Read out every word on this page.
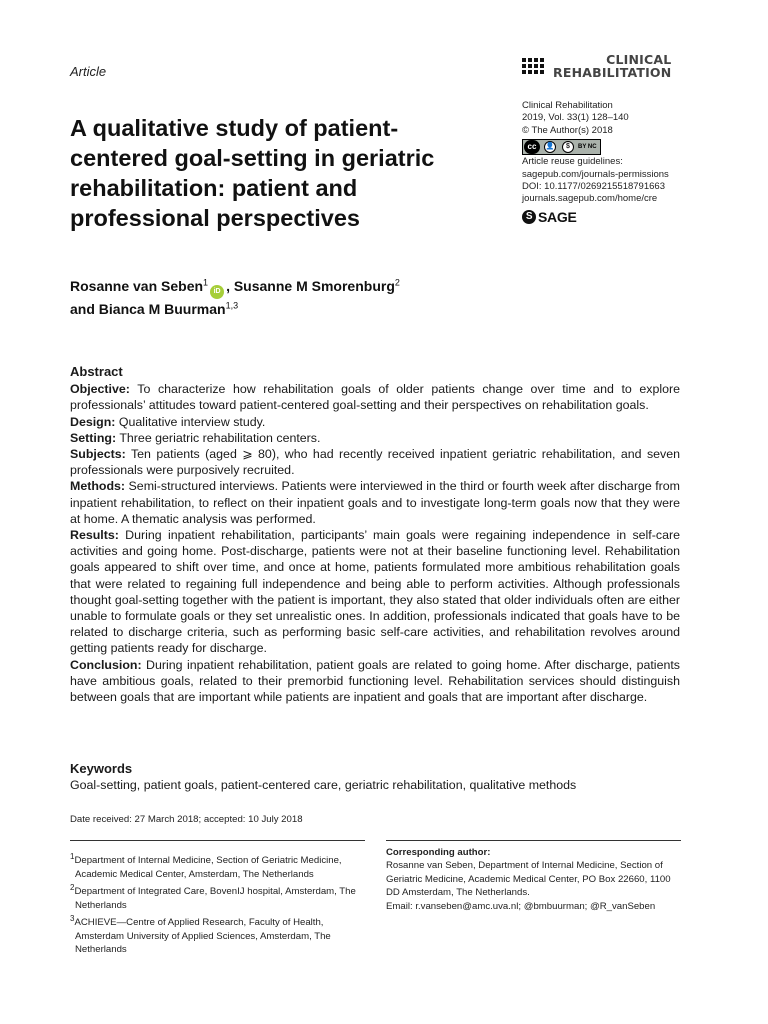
Article
CLINICAL
REHABILITATION
Clinical Rehabilitation
2019, Vol. 33(1) 128–140
© The Author(s) 2018
cc	👤	$	BY NC
Article reuse guidelines:
sagepub.com/journals-permissions
DOI: 10.1177/0269215518791663
journals.sagepub.com/home/cre
S SAGE
A qualitative study of patient-centered goal-setting in geriatric rehabilitation: patient and professional perspectives
Rosanne van Seben$^1$iD , Susanne M Smorenburg$^2$
and Bianca M Buurman$^{1,3}$
Abstract

Objective: To characterize how rehabilitation goals of older patients change over time and to explore professionals’ attitudes toward patient-centered goal-setting and their perspectives on rehabilitation goals.

Design: Qualitative interview study.

Setting: Three geriatric rehabilitation centers.

Subjects: Ten patients (aged ⩾ 80), who had recently received inpatient geriatric rehabilitation, and seven professionals were purposively recruited.

Methods: Semi-structured interviews. Patients were interviewed in the third or fourth week after discharge from inpatient rehabilitation, to reflect on their inpatient goals and to investigate long-term goals now that they were at home. A thematic analysis was performed.

Results: During inpatient rehabilitation, participants’ main goals were regaining independence in self-care activities and going home. Post-discharge, patients were not at their baseline functioning level. Rehabilitation goals appeared to shift over time, and once at home, patients formulated more ambitious rehabilitation goals that were related to regaining full independence and being able to perform activities. Although professionals thought goal-setting together with the patient is important, they also stated that older individuals often are either unable to formulate goals or they set unrealistic ones. In addition, professionals indicated that goals have to be related to discharge criteria, such as performing basic self-care activities, and rehabilitation revolves around getting patients ready for discharge.

Conclusion: During inpatient rehabilitation, patient goals are related to going home. After discharge, patients have ambitious goals, related to their premorbid functioning level. Rehabilitation services should distinguish between goals that are important while patients are inpatient and goals that are important after discharge.

Keywords
Goal-setting, patient goals, patient-centered care, geriatric rehabilitation, qualitative methods
Date received: 27 March 2018; accepted: 10 July 2018
$^1$Department of Internal Medicine, Section of Geriatric Medicine, Academic Medical Center, Amsterdam, The Netherlands
$^2$Department of Integrated Care, BovenIJ hospital, Amsterdam, The Netherlands
$^3$ACHIEVE—Centre of Applied Research, Faculty of Health, Amsterdam University of Applied Sciences, Amsterdam, The Netherlands
Corresponding author:
Rosanne van Seben, Department of Internal Medicine, Section of Geriatric Medicine, Academic Medical Center, PO Box 22660, 1100 DD Amsterdam, The Netherlands.
Email: r.vanseben@amc.uva.nl; @bmbuurman; @R_vanSeben
